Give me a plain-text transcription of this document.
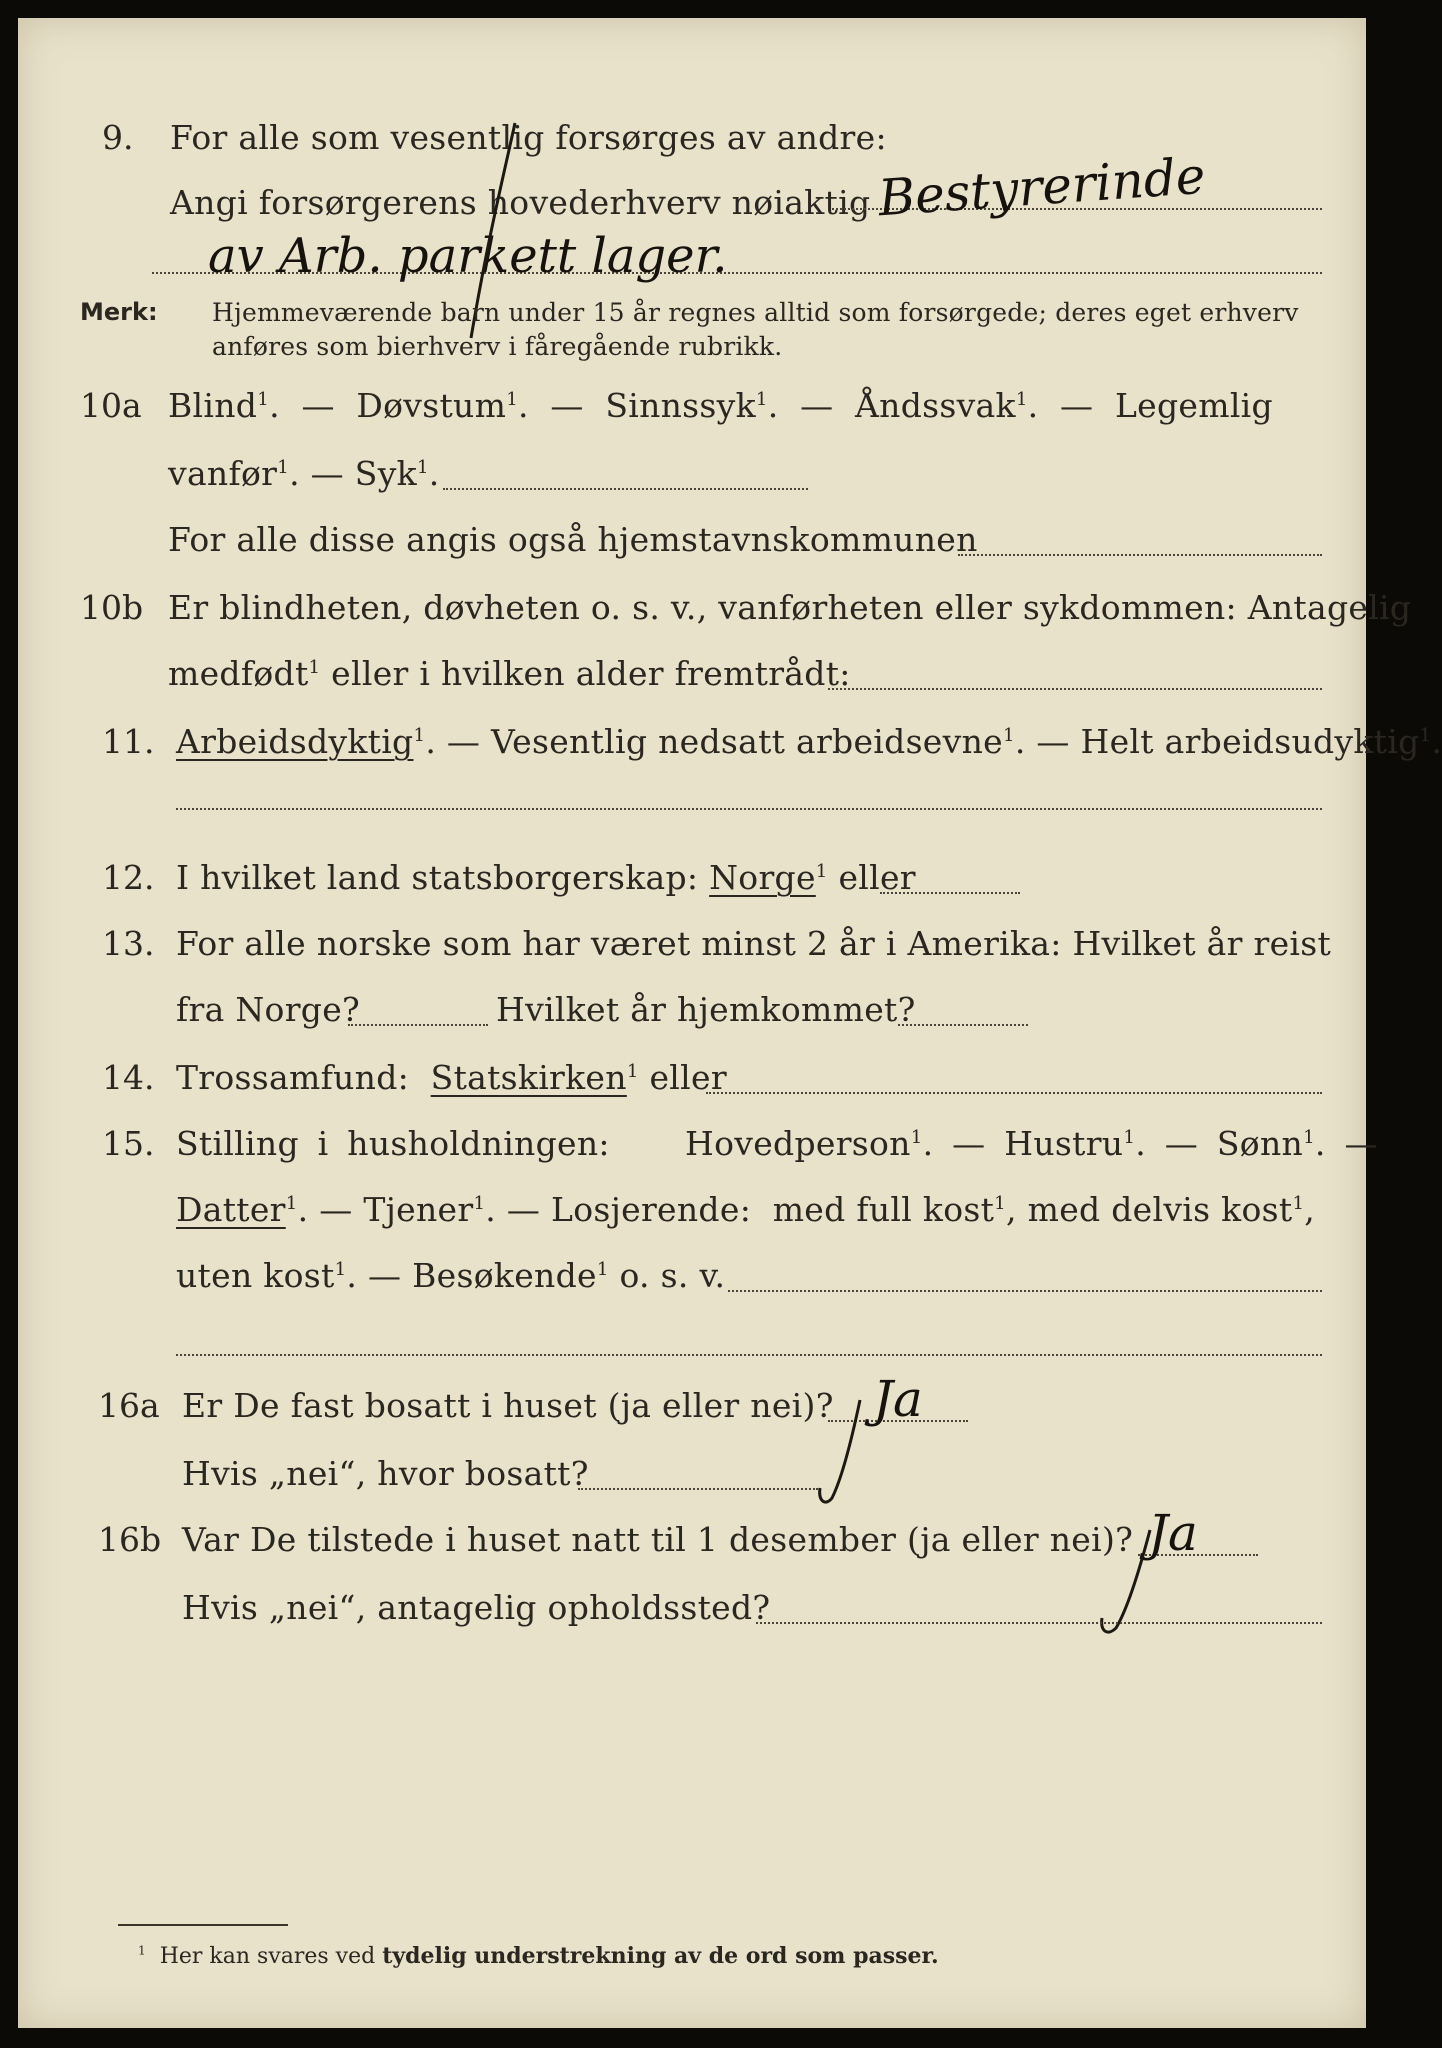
9. For alle som vesentlig forsørges av andre:
Angi forsørgerens hovederhverv nøiaktig Bestyrerinde
av Arb. parkett lager.
Merk: Hjemmeværende barn under 15 år regnes alltid som forsørgede; deres eget erhverv
anføres som bierhverv i fåregående rubrikk.
10a Blind$^1$.  — Døvstum$^1$.  — Sinnssyk$^1$.  — Åndssvak$^1$.  — Legemlig
vanfør$^1$. — Syk$^1$.
For alle disse angis også hjemstavnskommunen
10b Er blindheten, døvheten o. s. v., vanførheten eller sykdommen: Antagelig
medfødt$^1$ eller i hvilken alder fremtrådt:
11. Arbeidsdyktig$^1$. — Vesentlig nedsatt arbeidsevne$^1$. — Helt arbeidsudyktig$^1$.
12. I hvilket land statsborgerskap: Norge$^1$ eller
13. For alle norske som har været minst 2 år i Amerika: Hvilket år reist
fra Norge?	Hvilket år hjemkommet?
14. Trossamfund: Statskirken$^1$ eller
15. Stilling i husholdningen: Hovedperson$^1$. — Hustru$^1$. — Sønn$^1$. —
Datter$^1$. — Tjener$^1$. — Losjerende: med full kost$^1$, med delvis kost$^1$,
uten kost$^1$. — Besøkende$^1$ o. s. v.
16a Er De fast bosatt i huset (ja eller nei)? Ja
Hvis „nei“, hvor bosatt?
16b Var De tilstede i huset natt til 1 desember (ja eller nei)? Ja
Hvis „nei“, antagelig opholdssted?
$^1$ Her kan svares ved tydelig understrekning av de ord som passer.
